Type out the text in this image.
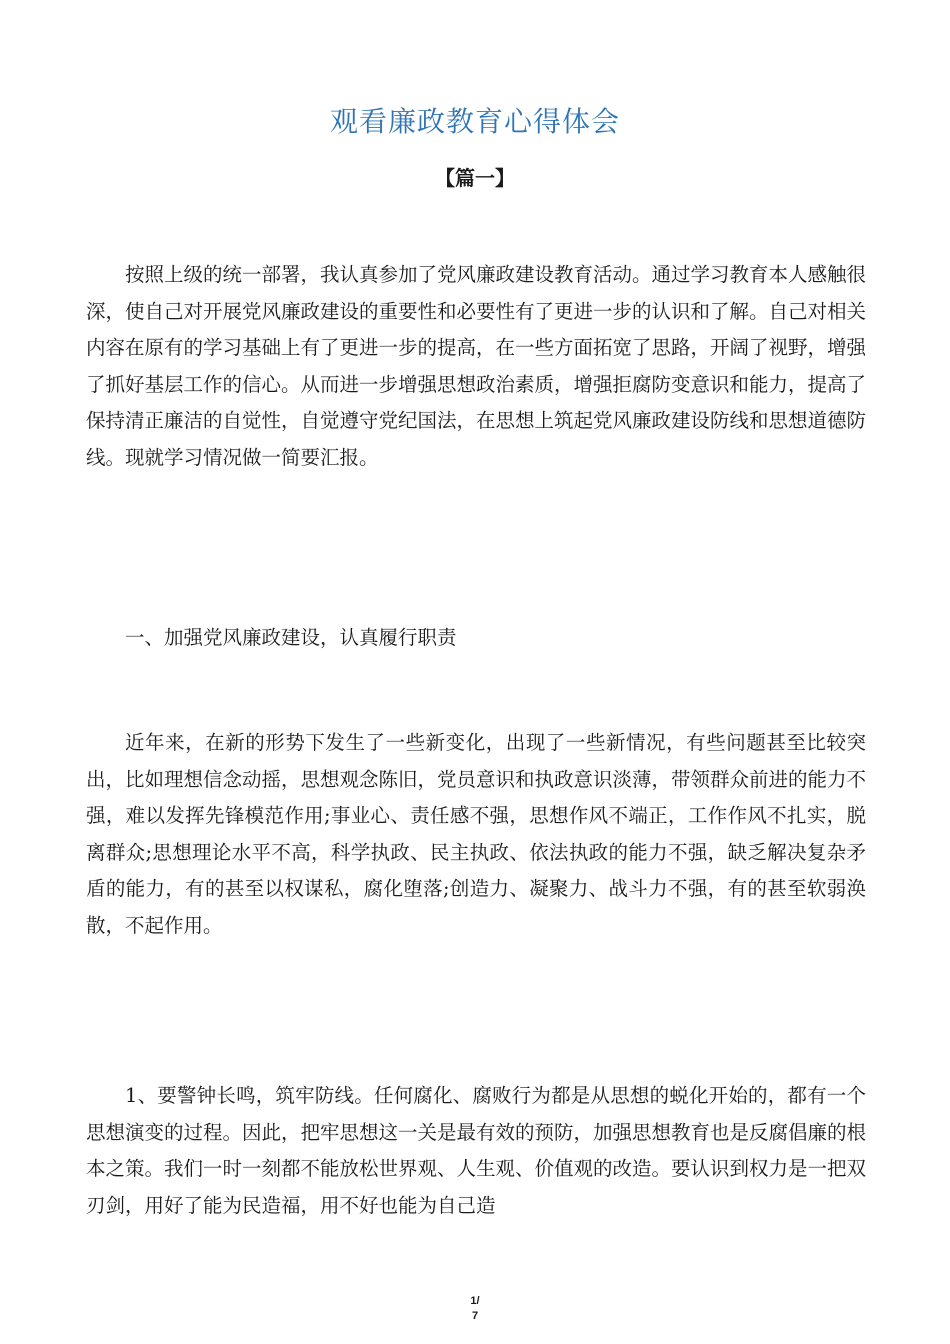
观看廉政教育心得体会
【篇一】

按照上级的统一部署，我认真参加了党风廉政建设教育活动。通过学习教育本人感触很深，使自己对开展党风廉政建设的重要性和必要性有了更进一步的认识和了解。自己对相关内容在原有的学习基础上有了更进一步的提高，在一些方面拓宽了思路，开阔了视野，增强了抓好基层工作的信心。从而进一步增强思想政治素质，增强拒腐防变意识和能力，提高了保持清正廉洁的自觉性，自觉遵守党纪国法，在思想上筑起党风廉政建设防线和思想道德防线。现就学习情况做一简要汇报。

一、加强党风廉政建设，认真履行职责

近年来，在新的形势下发生了一些新变化，出现了一些新情况，有些问题甚至比较突出，比如理想信念动摇，思想观念陈旧，党员意识和执政意识淡薄，带领群众前进的能力不强，难以发挥先锋模范作用;事业心、责任感不强，思想作风不端正，工作作风不扎实，脱离群众;思想理论水平不高，科学执政、民主执政、依法执政的能力不强，缺乏解决复杂矛盾的能力，有的甚至以权谋私，腐化堕落;创造力、凝聚力、战斗力不强，有的甚至软弱涣散，不起作用。

1、要警钟长鸣，筑牢防线。任何腐化、腐败行为都是从思想的蜕化开始的，都有一个思想演变的过程。因此，把牢思想这一关是最有效的预防，加强思想教育也是反腐倡廉的根本之策。我们一时一刻都不能放松世界观、人生观、价值观的改造。要认识到权力是一把双刃剑，用好了能为民造福，用不好也能为自己造

1/
7
